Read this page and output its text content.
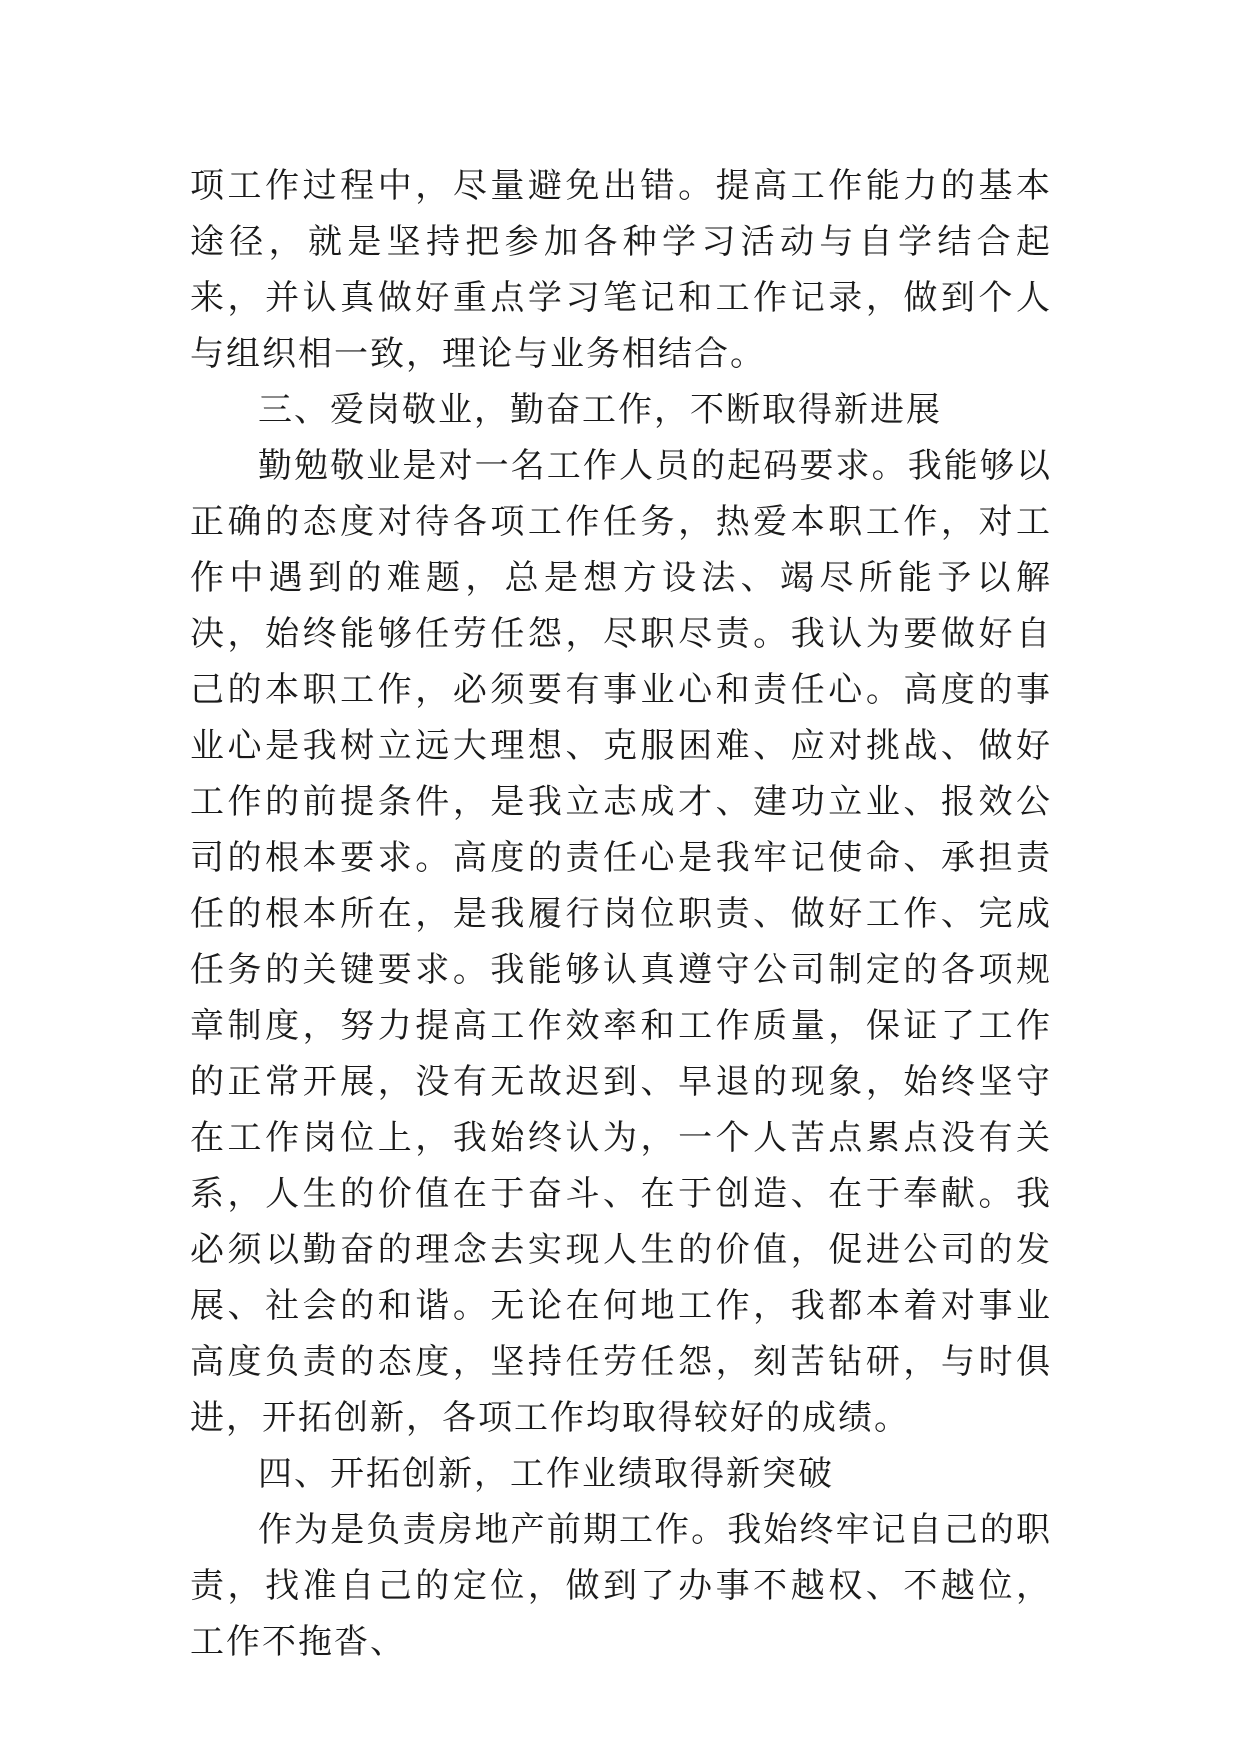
项工作过程中，尽量避免出错。提高工作能力的基本途径，就是坚持把参加各种学习活动与自学结合起来，并认真做好重点学习笔记和工作记录，做到个人与组织相一致，理论与业务相结合。

三、爱岗敬业，勤奋工作，不断取得新进展

勤勉敬业是对一名工作人员的起码要求。我能够以正确的态度对待各项工作任务，热爱本职工作，对工作中遇到的难题，总是想方设法、竭尽所能予以解决，始终能够任劳任怨，尽职尽责。我认为要做好自己的本职工作，必须要有事业心和责任心。高度的事业心是我树立远大理想、克服困难、应对挑战、做好工作的前提条件，是我立志成才、建功立业、报效公司的根本要求。高度的责任心是我牢记使命、承担责任的根本所在，是我履行岗位职责、做好工作、完成任务的关键要求。我能够认真遵守公司制定的各项规章制度，努力提高工作效率和工作质量，保证了工作的正常开展，没有无故迟到、早退的现象，始终坚守在工作岗位上，我始终认为，一个人苦点累点没有关系，人生的价值在于奋斗、在于创造、在于奉献。我必须以勤奋的理念去实现人生的价值，促进公司的发展、社会的和谐。无论在何地工作，我都本着对事业高度负责的态度，坚持任劳任怨，刻苦钻研，与时俱进，开拓创新，各项工作均取得较好的成绩。

四、开拓创新，工作业绩取得新突破

作为是负责房地产前期工作。我始终牢记自己的职责，找准自己的定位，做到了办事不越权、不越位，工作不拖沓、
